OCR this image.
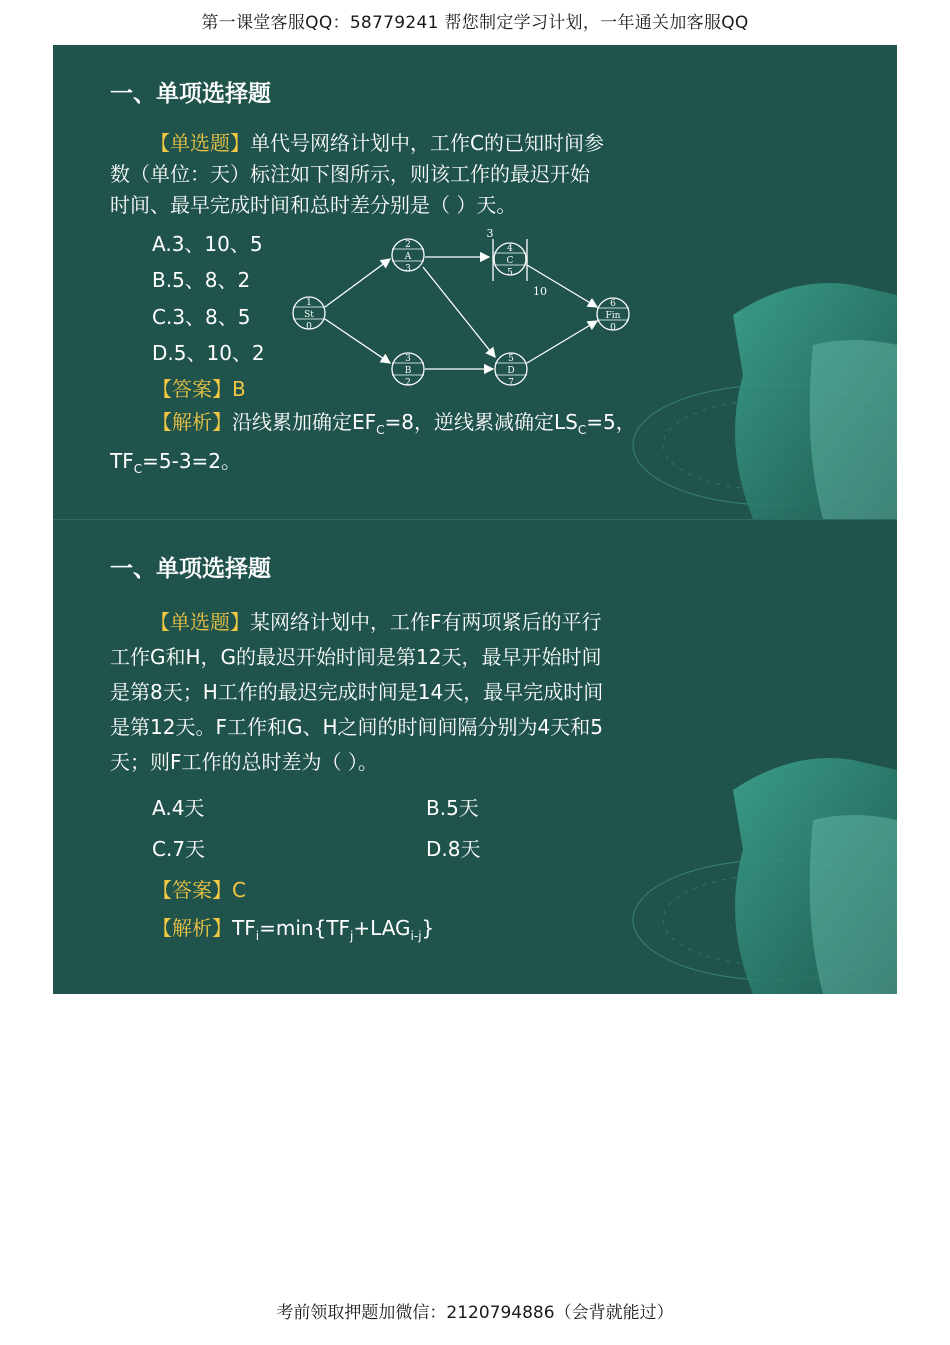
第一课堂客服QQ：58779241 帮您制定学习计划，一年通关加客服QQ
一、单项选择题
【单选题】单代号网络计划中，工作C的已知时间参
数（单位：天）标注如下图所示，则该工作的最迟开始
时间、最早完成时间和总时差分别是（ ）天。
A.3、10、5
B.5、8、2
C.3、8、5
D.5、10、2
【答案】B
【解析】沿线累加确定$EF_C=8$，逆线累减确定$LS_C=5$，
$TF_C=5-3=2$。
1
St
0
2
A
3
3
B
2
4
C
5
5
D
7
6
Fin
0
3
10
一、单项选择题
【单选题】某网络计划中，工作F有两项紧后的平行
工作G和H，G的最迟开始时间是第12天，最早开始时间
是第8天；H工作的最迟完成时间是14天，最早完成时间
是第12天。F工作和G、H之间的时间间隔分别为4天和5
天；则F工作的总时差为（ ）。
A.4天	B.5天
C.7天	D.8天
【答案】C
【解析】$TF_i=\min\{TF_j+LAG_{i-j}\}$
考前领取押题加微信：2120794886（会背就能过）
